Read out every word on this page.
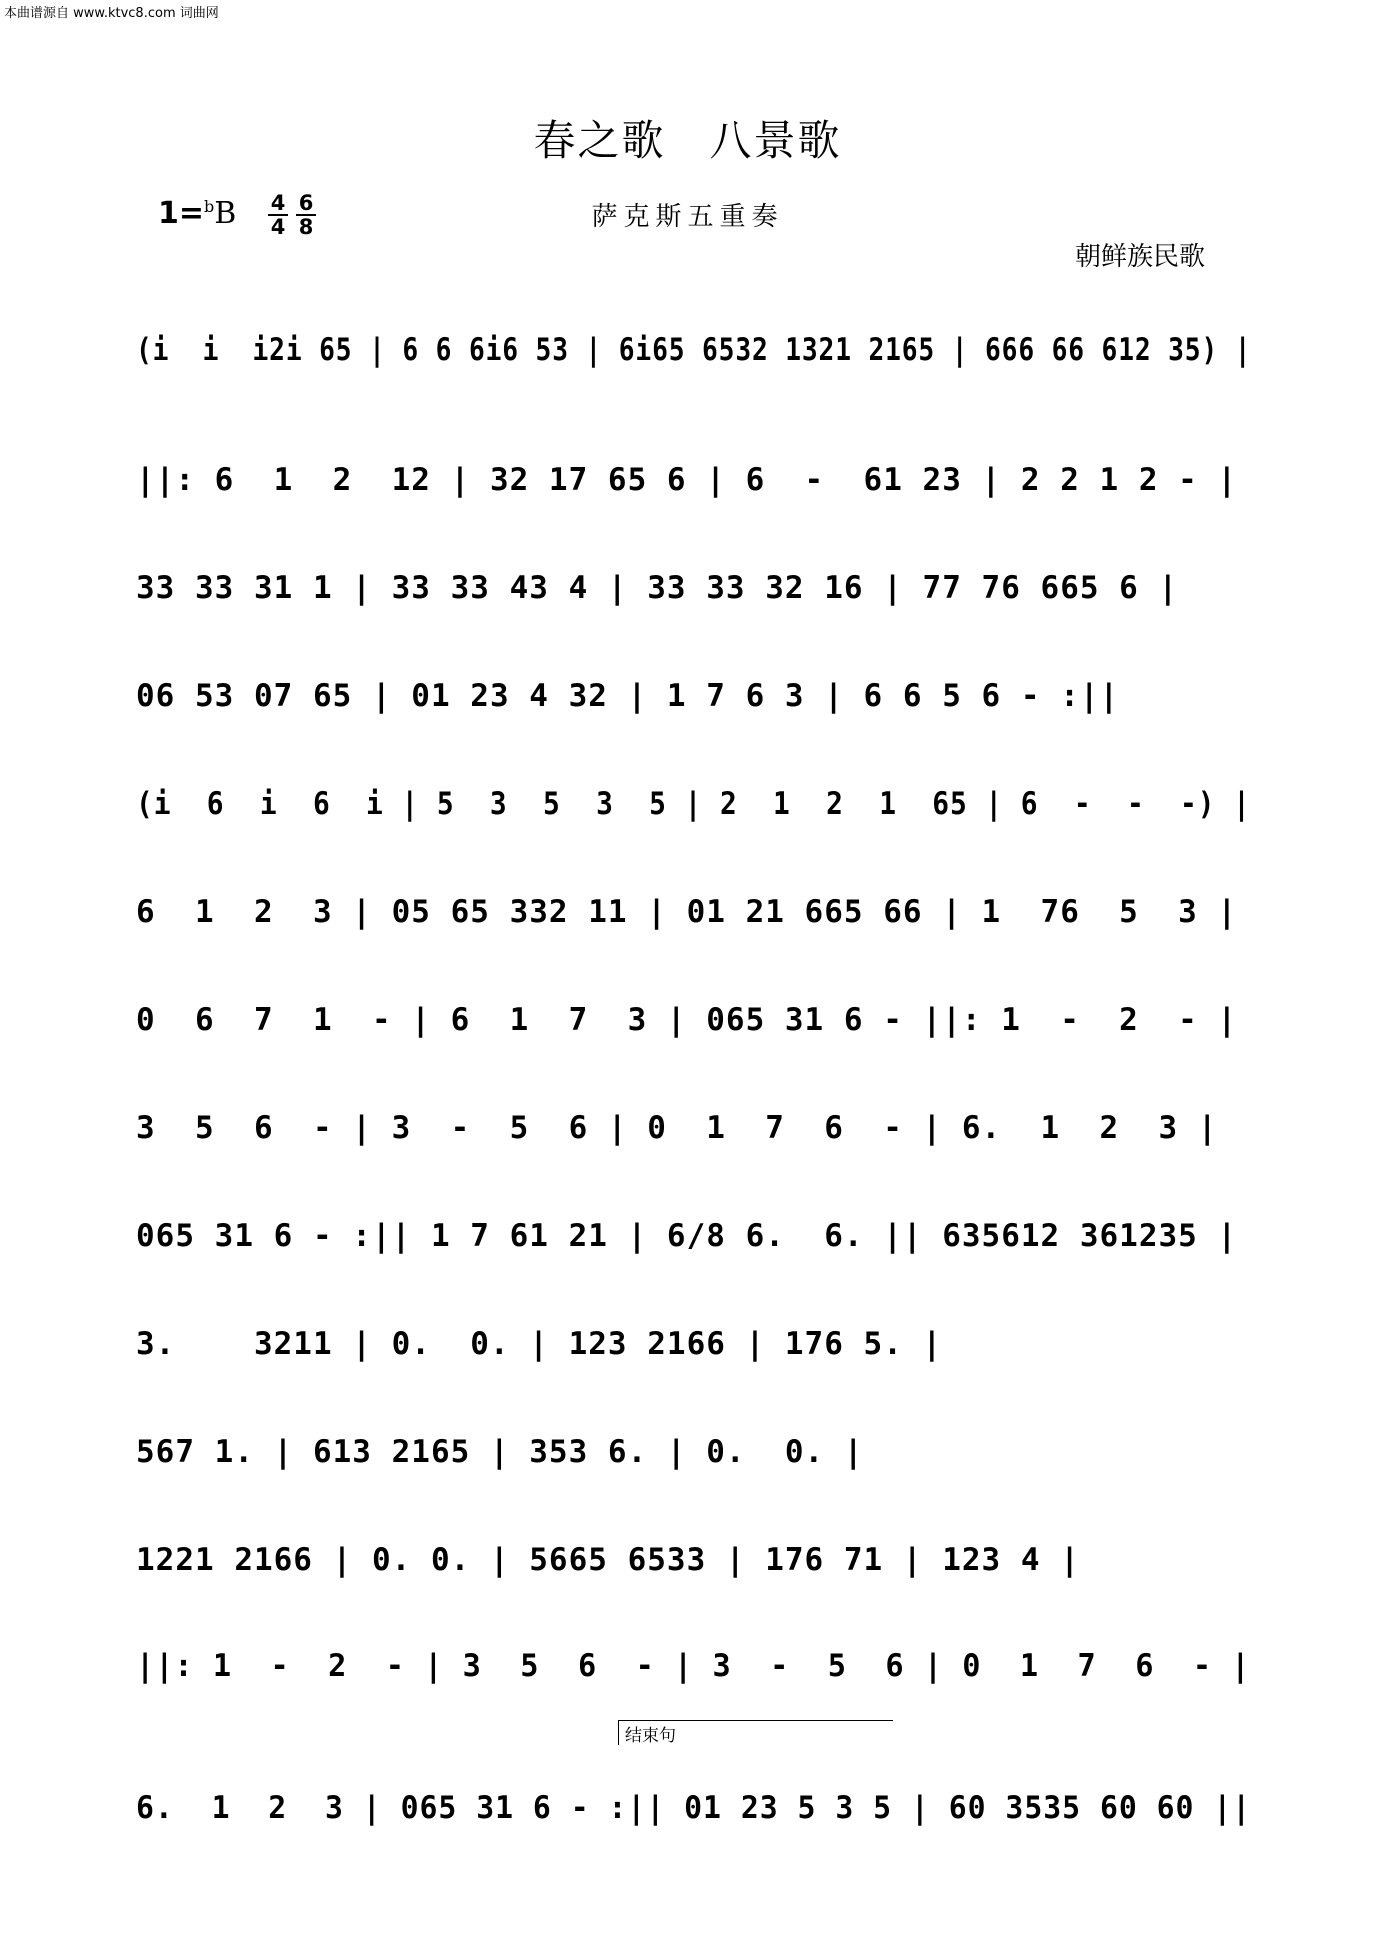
本曲谱源自 www.ktvc8.com 词曲网
春之歌　八景歌
$1=^bB \frac{4}{4} \frac{6}{8}$	萨克斯五重奏
朝鲜族民歌
(i  i  i2i 65 | 6 6 6i6 53 | 6i65 6532 1321 2165 | 666 66 612 35) |
||: 6  1  2  12 | 32 17 65 6 | 6  -  61 23 | 2 2 1 2 - |
33 33 31 1 | 33 33 43 4 | 33 33 32 16 | 77 76 665 6 |
06 53 07 65 | 01 23 4 32 | 1 7 6 3 | 6 6 5 6 - :||
(i  6  i  6  i | 5  3  5  3  5 | 2  1  2  1  65 | 6  -  -  -) |
6  1  2  3 | 05 65 332 11 | 01 21 665 66 | 1  76  5  3 |
0  6  7  1  - | 6  1  7  3 | 065 31 6 - ||: 1  -  2  - |
3  5  6  - | 3  -  5  6 | 0  1  7  6  - | 6.  1  2  3 |
065 31 6 - :|| 1 7 61 21 | 6/8 6.  6. || 635612 361235 |
3.    3211 | 0.  0. | 123 2166 | 176 5. |
567 1. | 613 2165 | 353 6. | 0.  0. |
1221 2166 | 0. 0. | 5665 6533 | 176 71 | 123 4 |
||: 1  -  2  - | 3  5  6  - | 3  -  5  6 | 0  1  7  6  - |
结束句
6.  1  2  3 | 065 31 6 - :|| 01 23 5 3 5 | 60 3535 60 60 ||
